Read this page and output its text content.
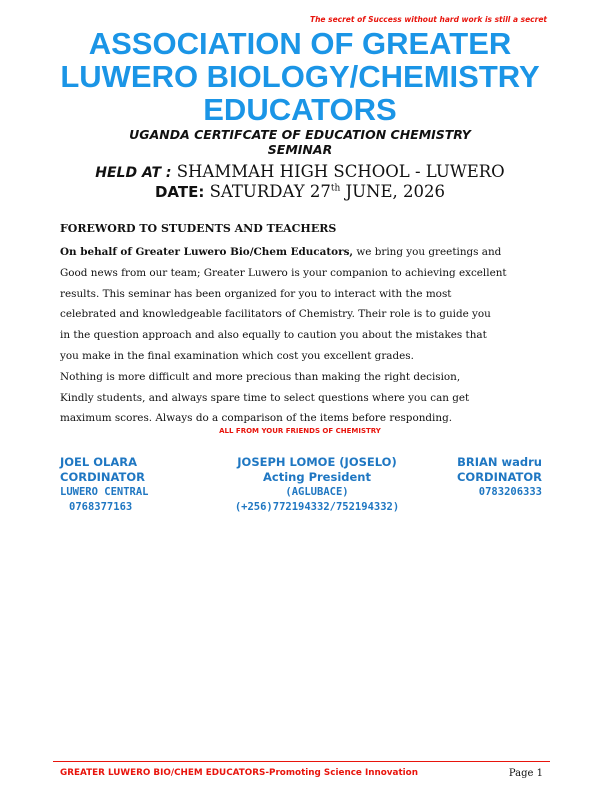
The secret of Success without hard work is still a secret
ASSOCIATION OF GREATER
LUWERO BIOLOGY/CHEMISTRY
EDUCATORS
UGANDA CERTIFCATE OF EDUCATION CHEMISTRY
SEMINAR
HELD AT : SHAMMAH HIGH SCHOOL - LUWERO
DATE: SATURDAY 27th JUNE, 2026
FOREWORD TO STUDENTS AND TEACHERS
On behalf of Greater Luwero Bio/Chem Educators, we bring you greetings and
Good news from our team; Greater Luwero is your companion to achieving excellent
results. This seminar has been organized for you to interact with the most
celebrated and knowledgeable facilitators of Chemistry. Their role is to guide you
in the question approach and also equally to caution you about the mistakes that
you make in the final examination which cost you excellent grades.
Nothing is more difficult and more precious than making the right decision,
Kindly students, and always spare time to select questions where you can get
maximum scores. Always do a comparison of the items before responding.
ALL FROM YOUR FRIENDS OF CHEMISTRY
JOEL OLARA
CORDINATOR
LUWERO CENTRAL
0768377163
JOSEPH LOMOE (JOSELO)
Acting President
(AGLUBACE)
(+256)772194332/752194332)
BRIAN wadru
CORDINATOR
0783206333
GREATER LUWERO BIO/CHEM EDUCATORS-Promoting Science Innovation	Page 1
